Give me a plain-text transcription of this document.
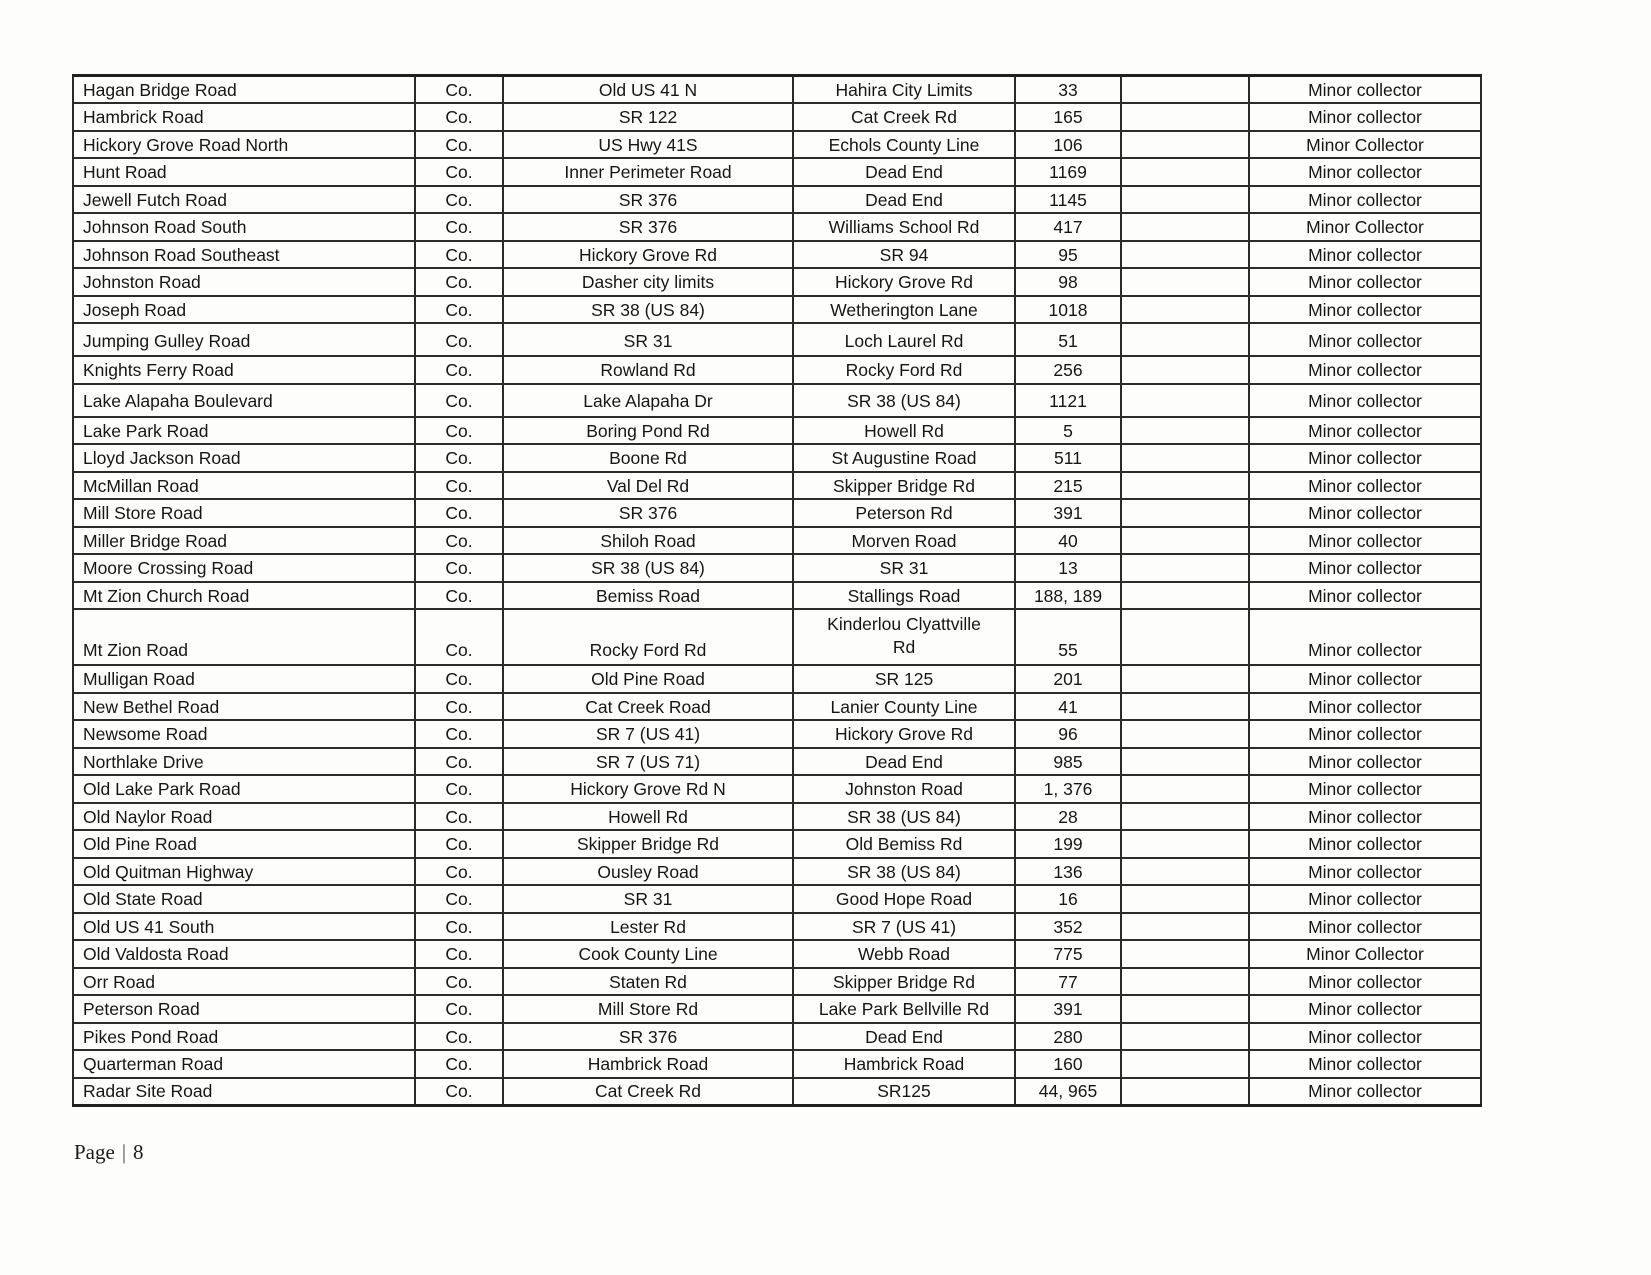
Hagan Bridge Road	Co.	Old US 41 N	Hahira City Limits	33		Minor collector
Hambrick Road	Co.	SR 122	Cat Creek Rd	165		Minor collector
Hickory Grove Road North	Co.	US Hwy 41S	Echols County Line	106		Minor Collector
Hunt Road	Co.	Inner Perimeter Road	Dead End	1169		Minor collector
Jewell Futch Road	Co.	SR 376	Dead End	1145		Minor collector
Johnson Road South	Co.	SR 376	Williams School Rd	417		Minor Collector
Johnson Road Southeast	Co.	Hickory Grove Rd	SR 94	95		Minor collector
Johnston Road	Co.	Dasher city limits	Hickory Grove Rd	98		Minor collector
Joseph Road	Co.	SR 38 (US 84)	Wetherington Lane	1018		Minor collector
Jumping Gulley Road	Co.	SR 31	Loch Laurel Rd	51		Minor collector
Knights Ferry Road	Co.	Rowland Rd	Rocky Ford Rd	256		Minor collector
Lake Alapaha Boulevard	Co.	Lake Alapaha Dr	SR 38 (US 84)	1121		Minor collector
Lake Park Road	Co.	Boring Pond Rd	Howell Rd	5		Minor collector
Lloyd Jackson Road	Co.	Boone Rd	St Augustine Road	511		Minor collector
McMillan Road	Co.	Val Del Rd	Skipper Bridge Rd	215		Minor collector
Mill Store Road	Co.	SR 376	Peterson Rd	391		Minor collector
Miller Bridge Road	Co.	Shiloh Road	Morven Road	40		Minor collector
Moore Crossing Road	Co.	SR 38 (US 84)	SR 31	13		Minor collector
Mt Zion Church Road	Co.	Bemiss Road	Stallings Road	188, 189		Minor collector
Mt Zion Road	Co.	Rocky Ford Rd	Kinderlou Clyattville Rd	55		Minor collector
Mulligan Road	Co.	Old Pine Road	SR 125	201		Minor collector
New Bethel Road	Co.	Cat Creek Road	Lanier County Line	41		Minor collector
Newsome Road	Co.	SR 7 (US 41)	Hickory Grove Rd	96		Minor collector
Northlake Drive	Co.	SR 7 (US 71)	Dead End	985		Minor collector
Old Lake Park Road	Co.	Hickory Grove Rd N	Johnston Road	1, 376		Minor collector
Old Naylor Road	Co.	Howell Rd	SR 38 (US 84)	28		Minor collector
Old Pine Road	Co.	Skipper Bridge Rd	Old Bemiss Rd	199		Minor collector
Old Quitman Highway	Co.	Ousley Road	SR 38 (US 84)	136		Minor collector
Old State Road	Co.	SR 31	Good Hope Road	16		Minor collector
Old US 41 South	Co.	Lester Rd	SR 7 (US 41)	352		Minor collector
Old Valdosta Road	Co.	Cook County Line	Webb Road	775		Minor Collector
Orr Road	Co.	Staten Rd	Skipper Bridge Rd	77		Minor collector
Peterson Road	Co.	Mill Store Rd	Lake Park Bellville Rd	391		Minor collector
Pikes Pond Road	Co.	SR 376	Dead End	280		Minor collector
Quarterman Road	Co.	Hambrick Road	Hambrick Road	160		Minor collector
Radar Site Road	Co.	Cat Creek Rd	SR125	44, 965		Minor collector
Page | 8
